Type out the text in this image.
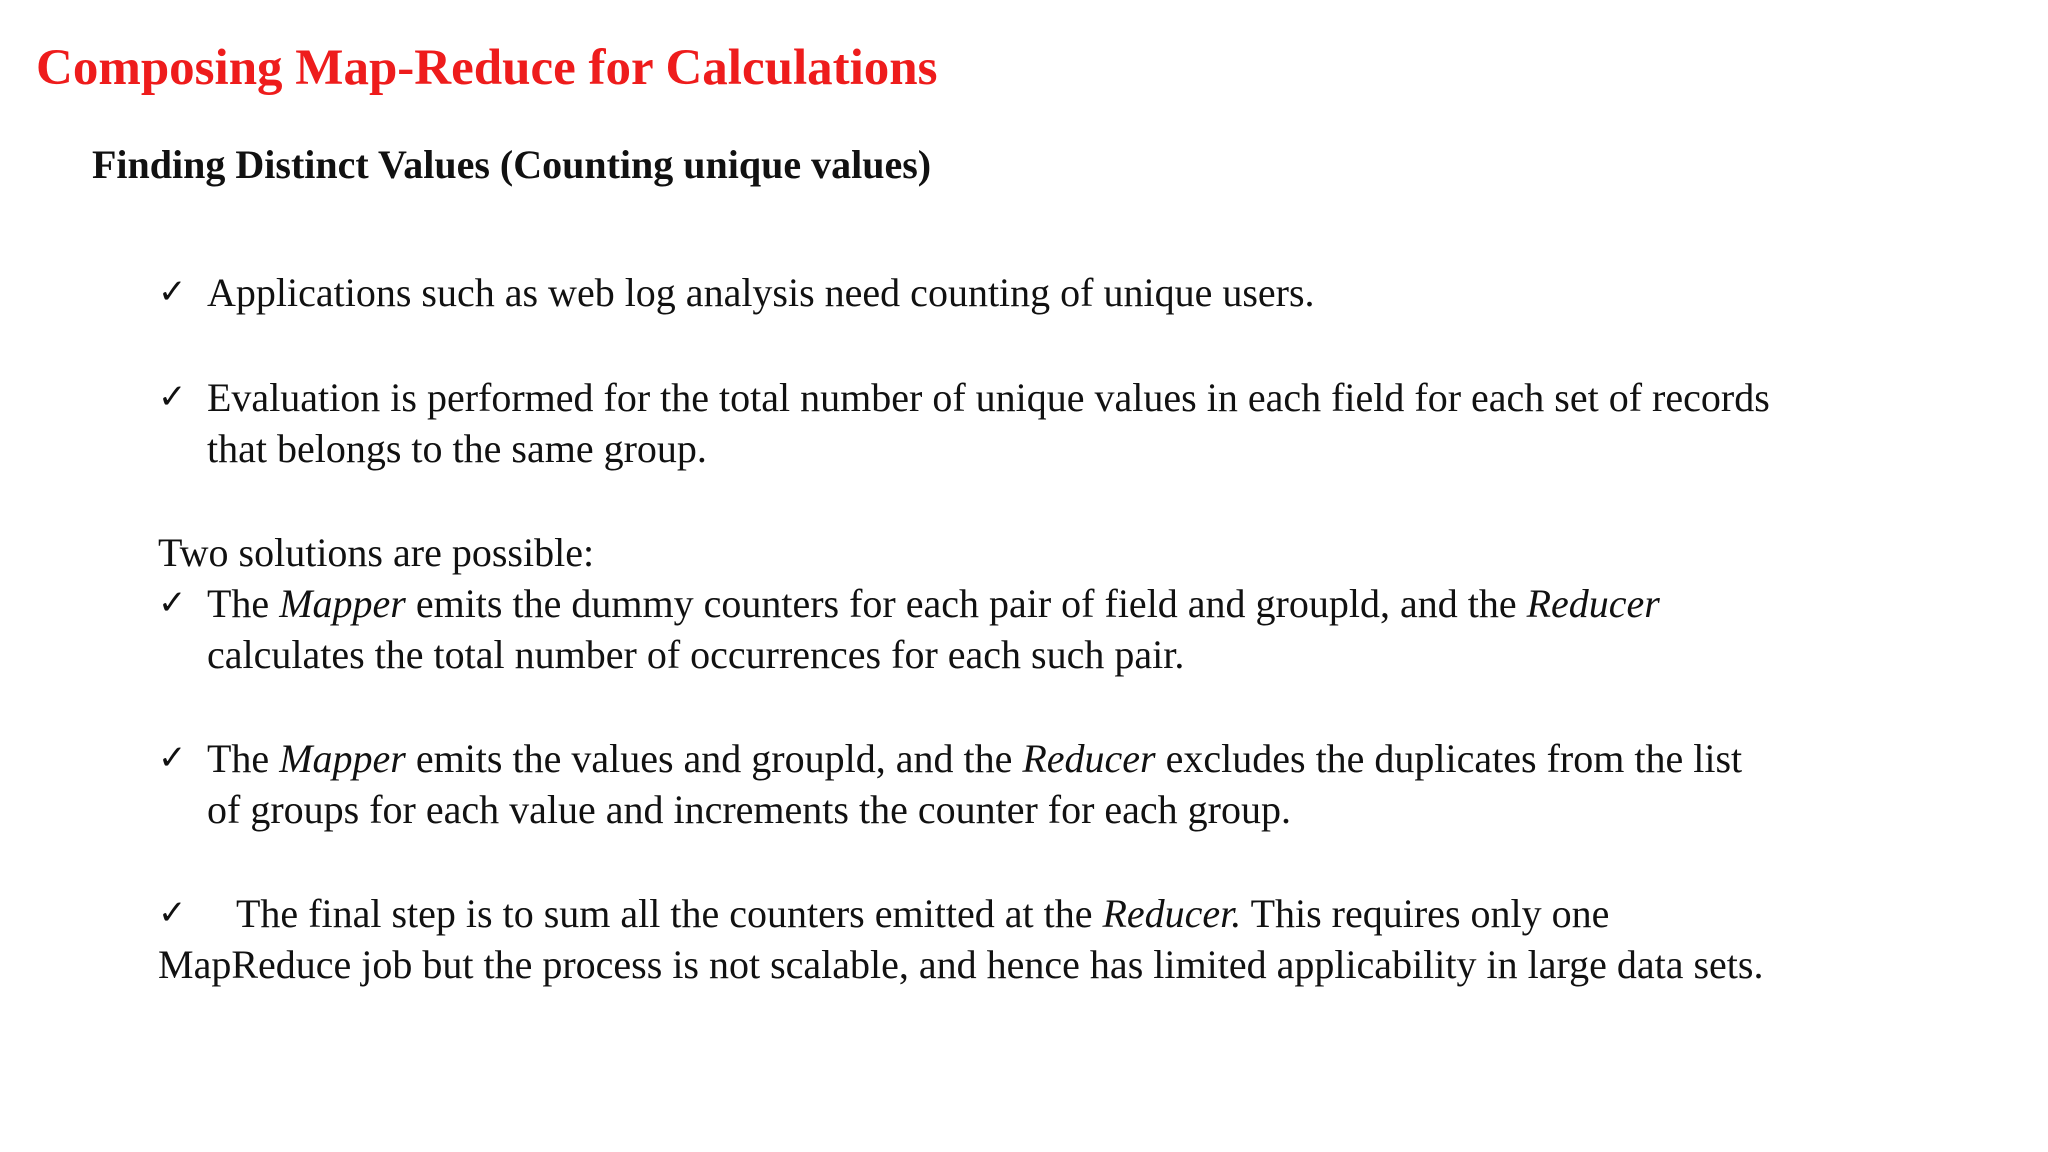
Composing Map-Reduce for Calculations
Finding Distinct Values (Counting unique values)
✓ Applications such as web log analysis need counting of unique users.
✓ Evaluation is performed for the total number of unique values in each field for each set of records
that belongs to the same group.
Two solutions are possible:
✓ The Mapper emits the dummy counters for each pair of field and groupld, and the Reducer
calculates the total number of occurrences for each such pair.
✓ The Mapper emits the values and groupld, and the Reducer excludes the duplicates from the list
of groups for each value and increments the counter for each group.
✓	The final step is to sum all the counters emitted at the Reducer. This requires only one
MapReduce job but the process is not scalable, and hence has limited applicability in large data sets.
